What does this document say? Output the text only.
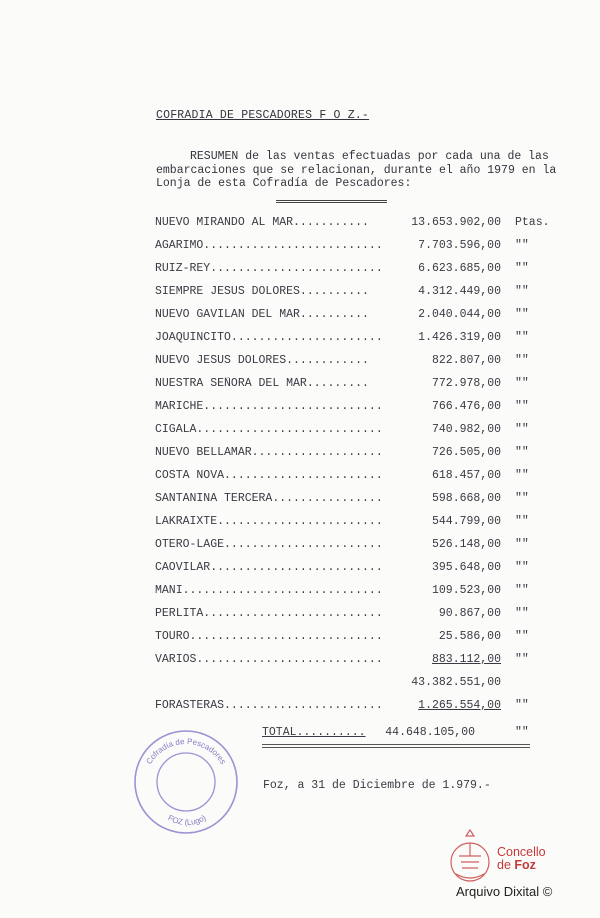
COFRADIA DE PESCADORES F O Z.-
RESUMEN de las ventas efectuadas por cada una de las
embarcaciones que se relacionan, durante el año 1979 en la
Lonja de esta Cofradía de Pescadores:
NUEVO MIRANDO AL MAR...........	13.653.902,00 Ptas.
AGARIMO..........................	7.703.596,00 ""
RUIZ-REY.........................	6.623.685,00 ""
SIEMPRE JESUS DOLORES..........	4.312.449,00 ""
NUEVO GAVILAN DEL MAR..........	2.040.044,00 ""
JOAQUINCITO......................	1.426.319,00 ""
NUEVO JESUS DOLORES............	822.807,00 ""
NUESTRA SEÑORA DEL MAR.........	772.978,00 ""
MARICHE..........................	766.476,00 ""
CIGALA...........................	740.982,00 ""
NUEVO BELLAMAR...................	726.505,00 ""
COSTA NOVA.......................	618.457,00 ""
SANTANINA TERCERA................	598.668,00 ""
LAKRAIXTE........................	544.799,00 ""
OTERO-LAGE.......................	526.148,00 ""
CAOVILAR.........................	395.648,00 ""
MANI.............................	109.523,00 ""
PERLITA..........................	90.867,00 ""
TOURO............................	25.586,00 ""
VARIOS...........................	883.112,00 ""
43.382.551,00
FORASTERAS.......................	1.265.554,00 ""
TOTAL..........	44.648.105,00	""
Foz, a 31 de Diciembre de 1.979.-
Cofradía de Pescadores
FOZ (Lugo)
Concello
de Foz
Arquivo Dixital ©
